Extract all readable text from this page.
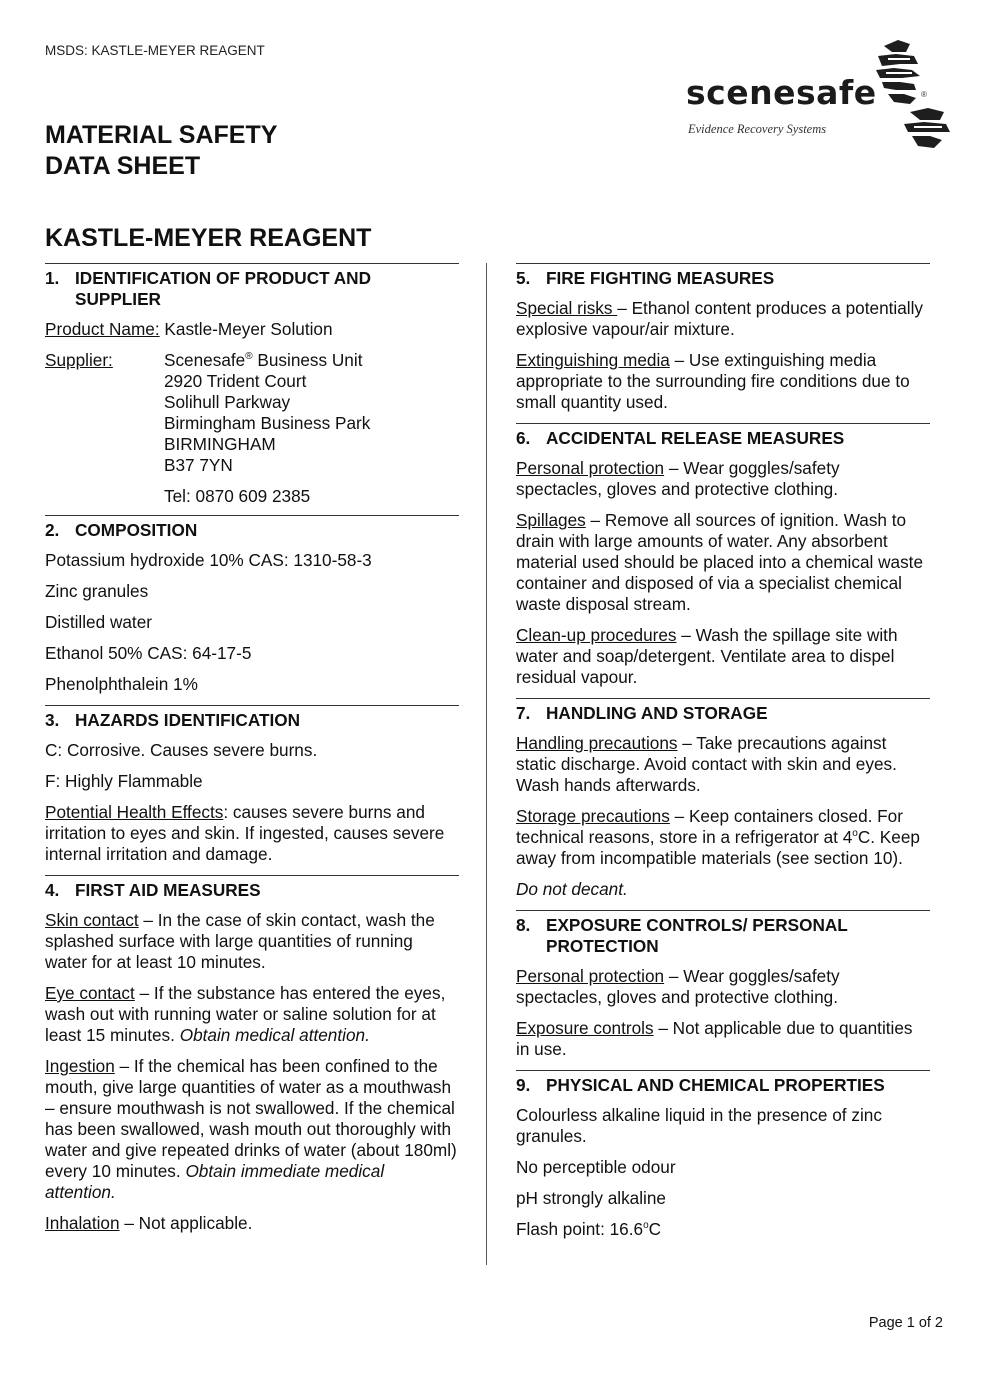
MSDS: KASTLE-MEYER REAGENT
MATERIAL SAFETY
DATA SHEET
KASTLE-MEYER REAGENT
scenesafe	®
Evidence Recovery Systems
1. IDENTIFICATION OF PRODUCT AND SUPPLIER

Product Name: Kastle-Meyer Solution

Supplier:	Scenesafe® Business Unit
2920 Trident Court
Solihull Parkway
Birmingham Business Park
BIRMINGHAM
B37 7YN
Tel: 0870 609 2385
2. COMPOSITION

Potassium hydroxide 10% CAS: 1310-58-3

Zinc granules

Distilled water

Ethanol 50% CAS: 64-17-5

Phenolphthalein 1%

3. HAZARDS IDENTIFICATION

C: Corrosive. Causes severe burns.

F: Highly Flammable

Potential Health Effects: causes severe burns and irritation to eyes and skin. If ingested, causes severe internal irritation and damage.

4. FIRST AID MEASURES

Skin contact – In the case of skin contact, wash the splashed surface with large quantities of running water for at least 10 minutes.

Eye contact – If the substance has entered the eyes, wash out with running water or saline solution for at least 15 minutes. Obtain medical attention.

Ingestion – If the chemical has been confined to the mouth, give large quantities of water as a mouthwash – ensure mouthwash is not swallowed. If the chemical has been swallowed, wash mouth out thoroughly with water and give repeated drinks of water (about 180ml) every 10 minutes. Obtain immediate medical attention.

Inhalation – Not applicable.

5. FIRE FIGHTING MEASURES

Special risks – Ethanol content produces a potentially explosive vapour/air mixture.

Extinguishing media – Use extinguishing media appropriate to the surrounding fire conditions due to small quantity used.

6. ACCIDENTAL RELEASE MEASURES

Personal protection – Wear goggles/safety spectacles, gloves and protective clothing.

Spillages – Remove all sources of ignition. Wash to drain with large amounts of water. Any absorbent material used should be placed into a chemical waste container and disposed of via a specialist chemical waste disposal stream.

Clean-up procedures – Wash the spillage site with water and soap/detergent. Ventilate area to dispel residual vapour.

7. HANDLING AND STORAGE

Handling precautions – Take precautions against static discharge. Avoid contact with skin and eyes. Wash hands afterwards.

Storage precautions – Keep containers closed. For technical reasons, store in a refrigerator at 4$^o$C. Keep away from incompatible materials (see section 10).

Do not decant.

8. EXPOSURE CONTROLS/ PERSONAL PROTECTION

Personal protection – Wear goggles/safety spectacles, gloves and protective clothing.

Exposure controls – Not applicable due to quantities in use.

9. PHYSICAL AND CHEMICAL PROPERTIES

Colourless alkaline liquid in the presence of zinc granules.

No perceptible odour

pH strongly alkaline

Flash point: 16.6$^o$C

Page 1 of 2
